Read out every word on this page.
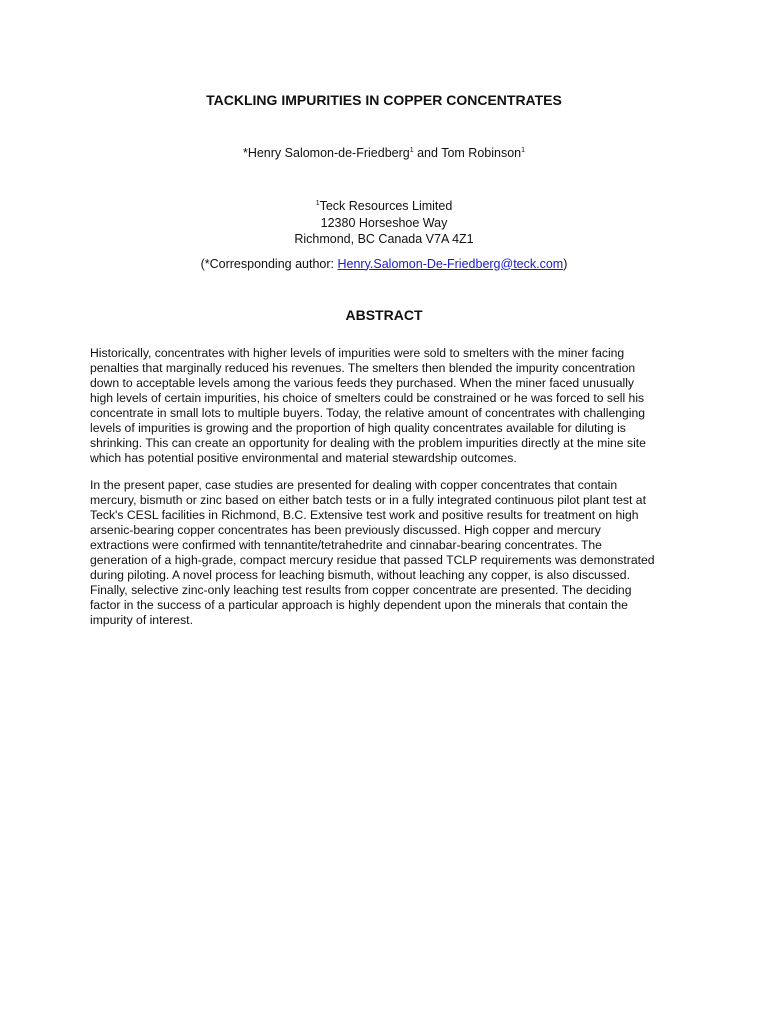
TACKLING IMPURITIES IN COPPER CONCENTRATES
*Henry Salomon-de-Friedberg$^1$ and Tom Robinson$^1$
$^1$Teck Resources Limited
12380 Horseshoe Way
Richmond, BC Canada V7A 4Z1
(*Corresponding author: Henry.Salomon-De-Friedberg@teck.com)
ABSTRACT
Historically, concentrates with higher levels of impurities were sold to smelters with the miner facing
penalties that marginally reduced his revenues. The smelters then blended the impurity concentration
down to acceptable levels among the various feeds they purchased. When the miner faced unusually
high levels of certain impurities, his choice of smelters could be constrained or he was forced to sell his
concentrate in small lots to multiple buyers. Today, the relative amount of concentrates with challenging
levels of impurities is growing and the proportion of high quality concentrates available for diluting is
shrinking. This can create an opportunity for dealing with the problem impurities directly at the mine site
which has potential positive environmental and material stewardship outcomes.
In the present paper, case studies are presented for dealing with copper concentrates that contain
mercury, bismuth or zinc based on either batch tests or in a fully integrated continuous pilot plant test at
Teck's CESL facilities in Richmond, B.C. Extensive test work and positive results for treatment on high
arsenic-bearing copper concentrates has been previously discussed. High copper and mercury
extractions were confirmed with tennantite/tetrahedrite and cinnabar-bearing concentrates. The
generation of a high-grade, compact mercury residue that passed TCLP requirements was demonstrated
during piloting. A novel process for leaching bismuth, without leaching any copper, is also discussed.
Finally, selective zinc-only leaching test results from copper concentrate are presented. The deciding
factor in the success of a particular approach is highly dependent upon the minerals that contain the
impurity of interest.
